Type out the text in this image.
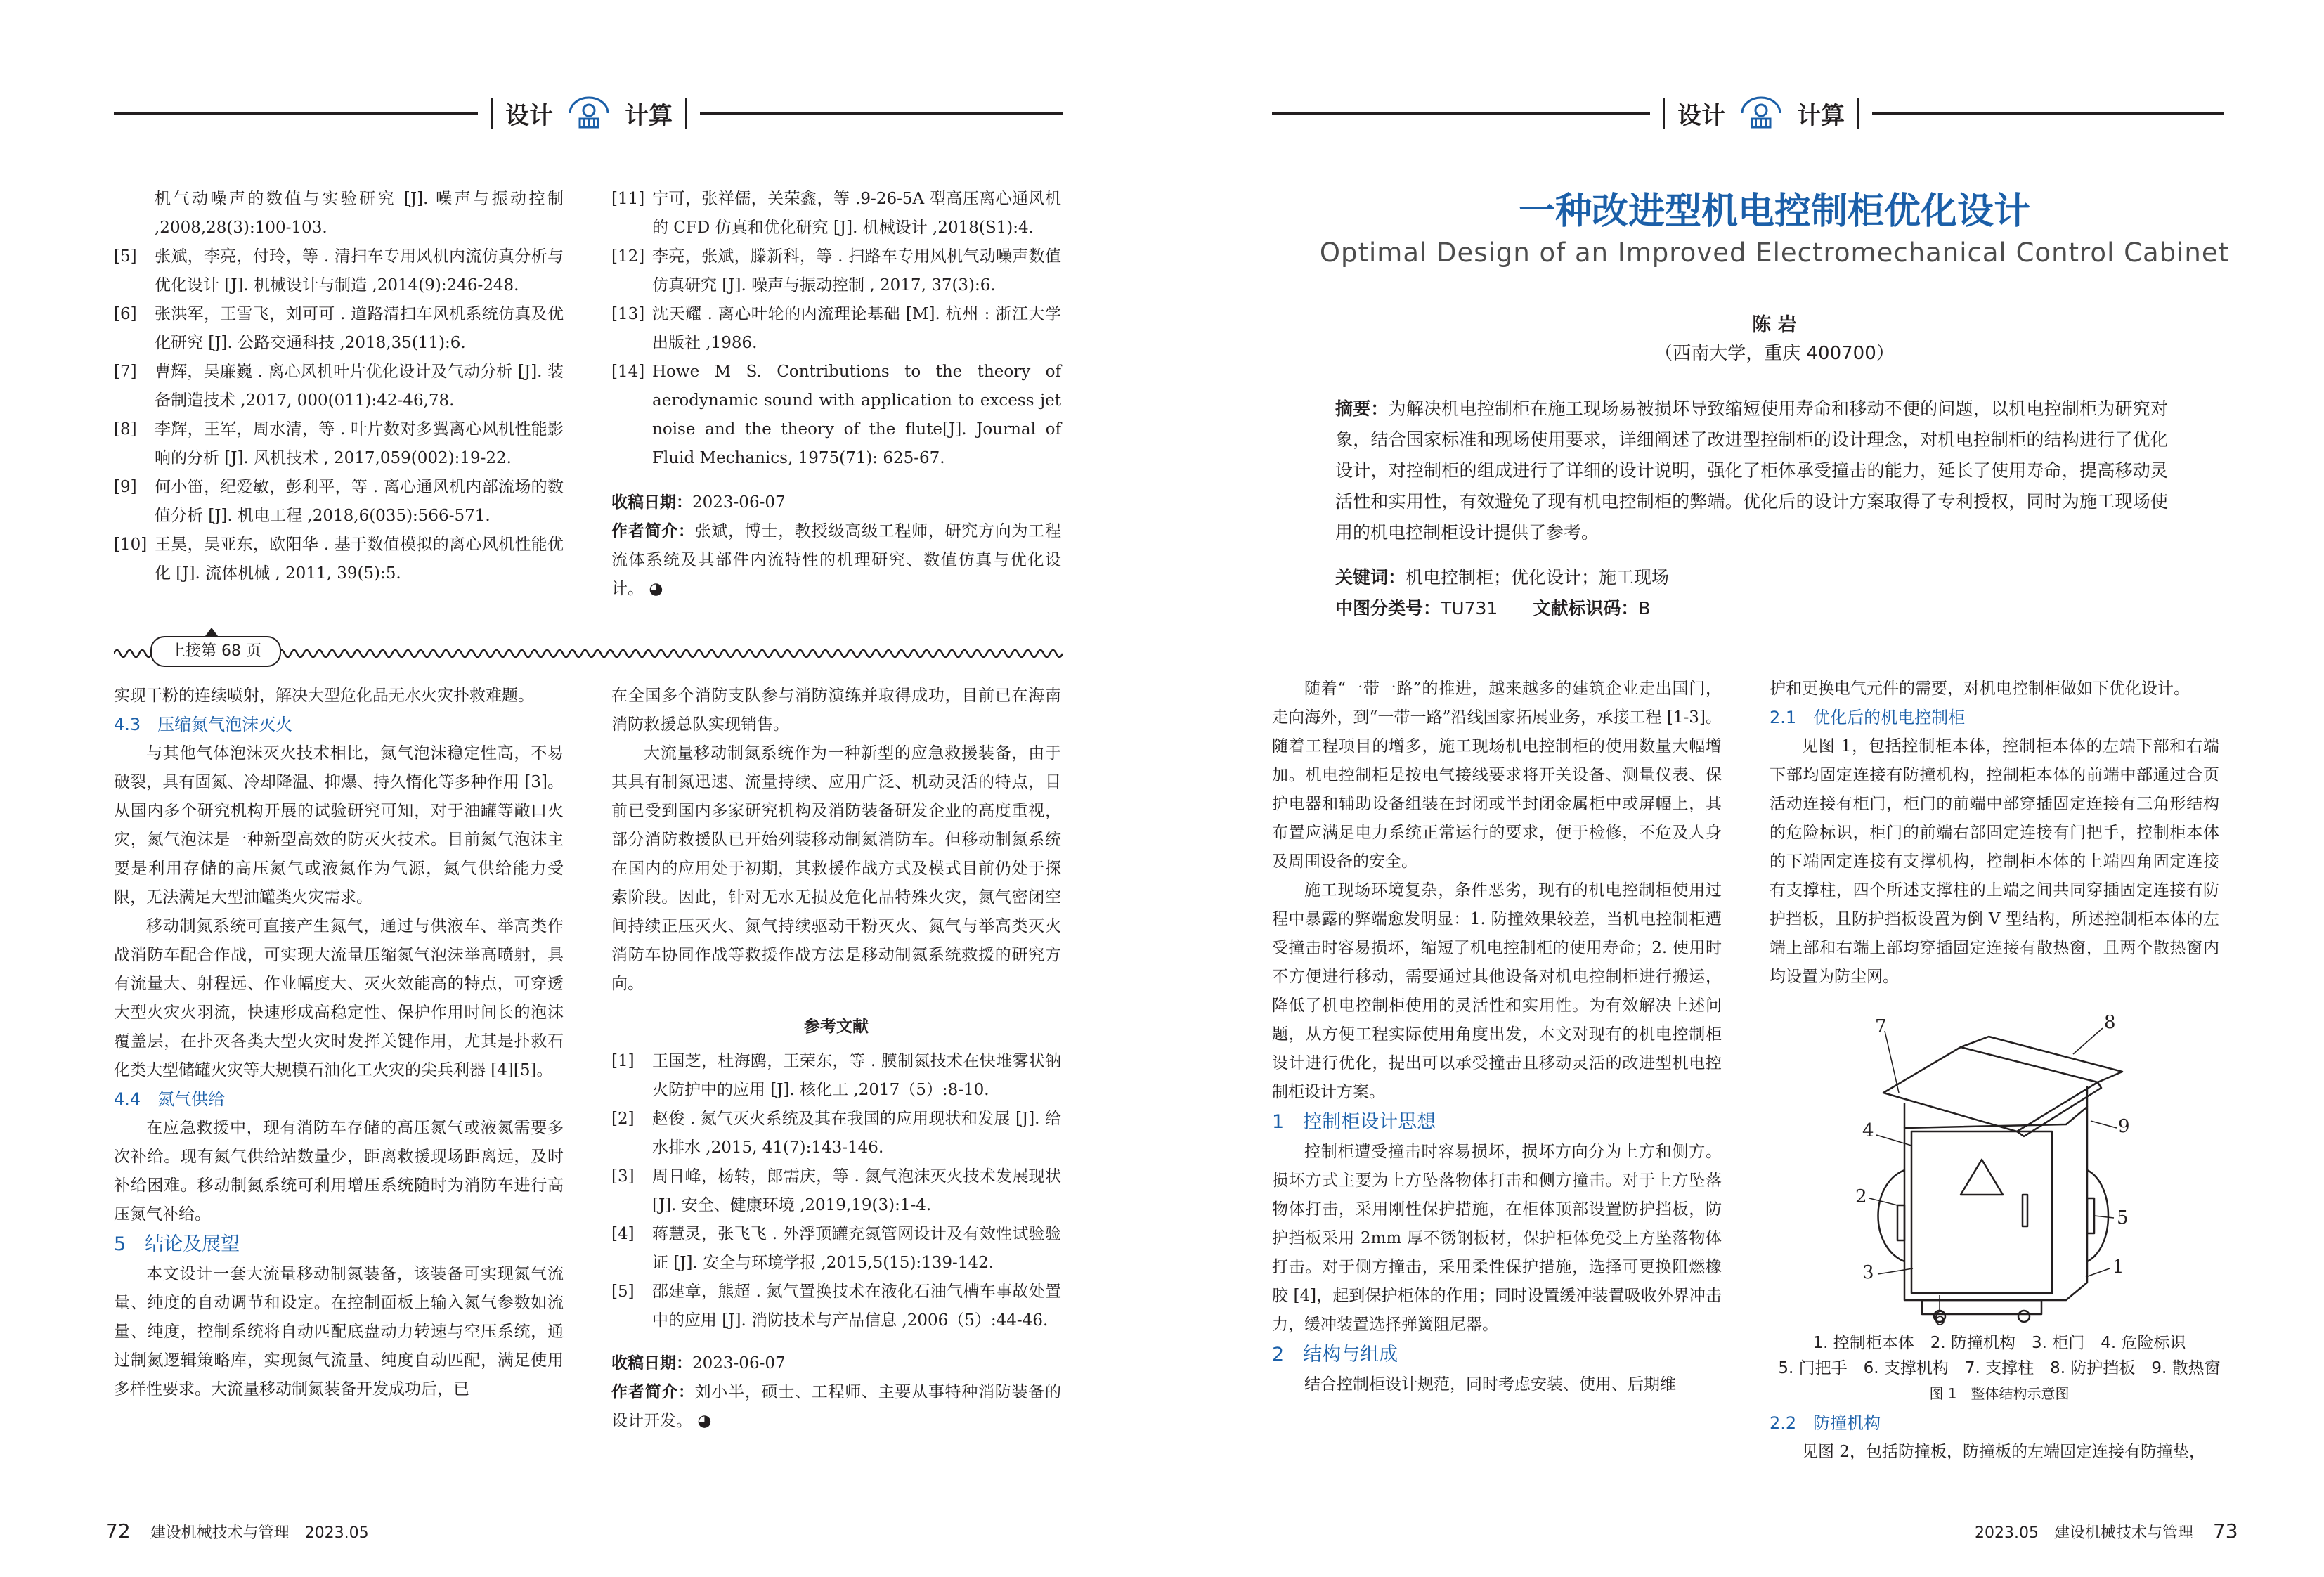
设计	计算	设计	计算
机气动噪声的数值与实验研究 [J]. 噪声与振动控制 ,2008,28(3):100-103.
[5]	张斌，李亮，付玲，等 . 清扫车专用风机内流仿真分析与优化设计 [J]. 机械设计与制造 ,2014(9):246-248.
[6]	张洪军，王雪飞，刘可可 . 道路清扫车风机系统仿真及优化研究 [J]. 公路交通科技 ,2018,35(11):6.
[7]	曹辉，吴廉巍 . 离心风机叶片优化设计及气动分析 [J]. 装备制造技术 ,2017, 000(011):42-46,78.
[8]	李辉，王军，周水清，等 . 叶片数对多翼离心风机性能影响的分析 [J]. 风机技术 , 2017,059(002):19-22.
[9]	何小笛，纪爱敏，彭利平，等 . 离心通风机内部流场的数值分析 [J]. 机电工程 ,2018,6(035):566-571.
[10] 王昊，吴亚东，欧阳华 . 基于数值模拟的离心风机性能优化 [J]. 流体机械 , 2011, 39(5):5.
[11] 宁可，张祥儒，关荣鑫，等 .9-26-5A 型高压离心通风机的 CFD 仿真和优化研究 [J]. 机械设计 ,2018(S1):4.
[12] 李亮，张斌，滕新科，等 . 扫路车专用风机气动噪声数值仿真研究 [J]. 噪声与振动控制 , 2017, 37(3):6.
[13] 沈天耀 . 离心叶轮的内流理论基础 [M]. 杭州 : 浙江大学出版社 ,1986.
[14] Howe M S. Contributions to the theory of aerodynamic sound with application to excess jet noise and the theory of the flute[J]. Journal of Fluid Mechanics, 1975(71): 625-67.
收稿日期：2023-06-07
作者简介：张斌，博士，教授级高级工程师，研究方向为工程流体系统及其部件内流特性的机理研究、数值仿真与优化设计。 ◕
上接第 68 页

实现干粉的连续喷射，解决大型危化品无水火灾扑救难题。

4.3　压缩氮气泡沫灭火

与其他气体泡沫灭火技术相比，氮气泡沫稳定性高，不易破裂，具有固氮、冷却降温、抑爆、持久惰化等多种作用 [3]。从国内多个研究机构开展的试验研究可知，对于油罐等敞口火灾，氮气泡沫是一种新型高效的防灭火技术。目前氮气泡沫主要是利用存储的高压氮气或液氮作为气源，氮气供给能力受限，无法满足大型油罐类火灾需求。

移动制氮系统可直接产生氮气，通过与供液车、举高类作战消防车配合作战，可实现大流量压缩氮气泡沫举高喷射，具有流量大、射程远、作业幅度大、灭火效能高的特点，可穿透大型火灾火羽流，快速形成高稳定性、保护作用时间长的泡沫覆盖层，在扑灭各类大型火灾时发挥关键作用，尤其是扑救石化类大型储罐火灾等大规模石油化工火灾的尖兵利器 [4][5]。

4.4　氮气供给

在应急救援中，现有消防车存储的高压氮气或液氮需要多次补给。现有氮气供给站数量少，距离救援现场距离远，及时补给困难。移动制氮系统可利用增压系统随时为消防车进行高压氮气补给。

5　结论及展望

本文设计一套大流量移动制氮装备，该装备可实现氮气流量、纯度的自动调节和设定。在控制面板上输入氮气参数如流量、纯度，控制系统将自动匹配底盘动力转速与空压系统，通过制氮逻辑策略库，实现氮气流量、纯度自动匹配，满足使用多样性要求。大流量移动制氮装备开发成功后，已

在全国多个消防支队参与消防演练并取得成功，目前已在海南消防救援总队实现销售。

大流量移动制氮系统作为一种新型的应急救援装备，由于其具有制氮迅速、流量持续、应用广泛、机动灵活的特点，目前已受到国内多家研究机构及消防装备研发企业的高度重视，部分消防救援队已开始列装移动制氮消防车。但移动制氮系统在国内的应用处于初期，其救援作战方式及模式目前仍处于探索阶段。因此，针对无水无损及危化品特殊火灾，氮气密闭空间持续正压灭火、氮气持续驱动干粉灭火、氮气与举高类灭火消防车协同作战等救援作战方法是移动制氮系统救援的研究方向。

参考文献
[1]	王国芝，杜海鸥，王荣东，等 . 膜制氮技术在快堆雾状钠火防护中的应用 [J]. 核化工 ,2017（5）:8-10.
[2]	赵俊 . 氮气灭火系统及其在我国的应用现状和发展 [J]. 给水排水 ,2015, 41(7):143-146.
[3]	周日峰，杨转，郎需庆，等 . 氮气泡沫灭火技术发展现状 [J]. 安全、健康环境 ,2019,19(3):1-4.
[4]	蒋慧灵，张飞飞 . 外浮顶罐充氮管网设计及有效性试验验证 [J]. 安全与环境学报 ,2015,5(15):139-142.
[5]	邵建章，熊超 . 氮气置换技术在液化石油气槽车事故处置中的应用 [J]. 消防技术与产品信息 ,2006（5）:44-46.
收稿日期：2023-06-07
作者简介：刘小半，硕士、工程师、主要从事特种消防装备的设计开发。 ◕
一种改进型机电控制柜优化设计
Optimal Design of an Improved Electromechanical Control Cabinet
陈 岩
（西南大学，重庆 400700）
摘要：为解决机电控制柜在施工现场易被损坏导致缩短使用寿命和移动不便的问题，以机电控制柜为研究对象，结合国家标准和现场使用要求，详细阐述了改进型控制柜的设计理念，对机电控制柜的结构进行了优化设计，对控制柜的组成进行了详细的设计说明，强化了柜体承受撞击的能力，延长了使用寿命，提高移动灵活性和实用性，有效避免了现有机电控制柜的弊端。优化后的设计方案取得了专利授权，同时为施工现场使用的机电控制柜设计提供了参考。
关键词：机电控制柜；优化设计；施工现场
中图分类号：TU731 文献标识码：B

随着“一带一路”的推进，越来越多的建筑企业走出国门，走向海外，到“一带一路”沿线国家拓展业务，承接工程 [1-3]。随着工程项目的增多，施工现场机电控制柜的使用数量大幅增加。机电控制柜是按电气接线要求将开关设备、测量仪表、保护电器和辅助设备组装在封闭或半封闭金属柜中或屏幅上，其布置应满足电力系统正常运行的要求，便于检修，不危及人身及周围设备的安全。

施工现场环境复杂，条件恶劣，现有的机电控制柜使用过程中暴露的弊端愈发明显：1. 防撞效果较差，当机电控制柜遭受撞击时容易损坏，缩短了机电控制柜的使用寿命；2. 使用时不方便进行移动，需要通过其他设备对机电控制柜进行搬运，降低了机电控制柜使用的灵活性和实用性。为有效解决上述问题，从方便工程实际使用角度出发，本文对现有的机电控制柜设计进行优化，提出可以承受撞击且移动灵活的改进型机电控制柜设计方案。

1　控制柜设计思想

控制柜遭受撞击时容易损坏，损坏方向分为上方和侧方。损坏方式主要为上方坠落物体打击和侧方撞击。对于上方坠落物体打击，采用刚性保护措施，在柜体顶部设置防护挡板，防护挡板采用 2mm 厚不锈钢板材，保护柜体免受上方坠落物体打击。对于侧方撞击，采用柔性保护措施，选择可更换阻燃橡胶 [4]，起到保护柜体的作用；同时设置缓冲装置吸收外界冲击力，缓冲装置选择弹簧阻尼器。

2　结构与组成

结合控制柜设计规范，同时考虑安装、使用、后期维

护和更换电气元件的需要，对机电控制柜做如下优化设计。

2.1　优化后的机电控制柜

见图 1，包括控制柜本体，控制柜本体的左端下部和右端下部均固定连接有防撞机构，控制柜本体的前端中部通过合页活动连接有柜门，柜门的前端中部穿插固定连接有三角形结构的危险标识，柜门的前端右部固定连接有门把手，控制柜本体的下端固定连接有支撑机构，控制柜本体的上端四角固定连接有支撑柱，四个所述支撑柱的上端之间共同穿插固定连接有防护挡板，且防护挡板设置为倒 V 型结构，所述控制柜本体的左端上部和右端上部均穿插固定连接有散热窗，且两个散热窗内均设置为防尘网。

7	8
4	9
2
5
3	1
6
1. 控制柜本体　2. 防撞机构　3. 柜门　4. 危险标识
5. 门把手　6. 支撑机构　7. 支撑柱　8. 防护挡板　9. 散热窗
图 1　整体结构示意图

2.2　防撞机构

见图 2，包括防撞板，防撞板的左端固定连接有防撞垫，

72 建设机械技术与管理　2023.05	2023.05　建设机械技术与管理 73
